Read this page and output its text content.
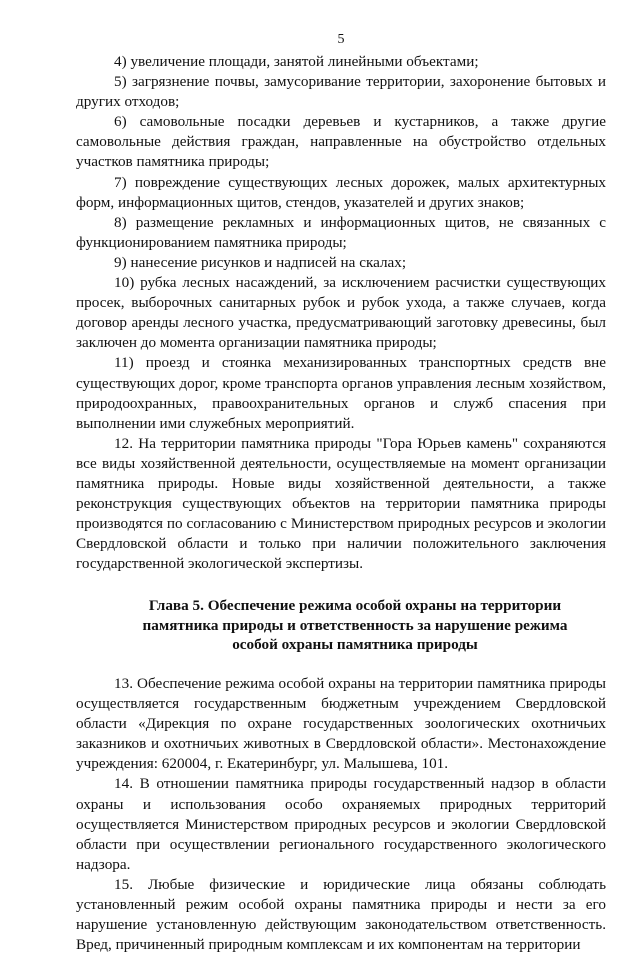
5

4) увеличение площади, занятой линейными объектами;

5) загрязнение почвы, замусоривание территории, захоронение бытовых и других отходов;

6) самовольные посадки деревьев и кустарников, а также другие самовольные действия граждан, направленные на обустройство отдельных участков памятника природы;

7) повреждение существующих лесных дорожек, малых архитектурных форм, информационных щитов, стендов, указателей и других знаков;

8) размещение рекламных и информационных щитов, не связанных с функционированием памятника природы;

9) нанесение рисунков и надписей на скалах;

10) рубка лесных насаждений, за исключением расчистки существующих просек, выборочных санитарных рубок и рубок ухода, а также случаев, когда договор аренды лесного участка, предусматривающий заготовку древесины, был заключен до момента организации памятника природы;

11) проезд и стоянка механизированных транспортных средств вне существующих дорог, кроме транспорта органов управления лесным хозяйством, природоохранных, правоохранительных органов и служб спасения при выполнении ими служебных мероприятий.

12. На территории памятника природы "Гора Юрьев камень" сохраняются все виды хозяйственной деятельности, осуществляемые на момент организации памятника природы. Новые виды хозяйственной деятельности, а также реконструкция существующих объектов на территории памятника природы производятся по согласованию с Министерством природных ресурсов и экологии Свердловской области и только при наличии положительного заключения государственной экологической экспертизы.

Глава 5. Обеспечение режима особой охраны на территории
памятника природы и ответственность за нарушение режима
особой охраны памятника природы

13. Обеспечение режима особой охраны на территории памятника природы осуществляется государственным бюджетным учреждением Свердловской области «Дирекция по охране государственных зоологических охотничьих заказников и охотничьих животных в Свердловской области». Местонахождение учреждения: 620004, г. Екатеринбург, ул. Малышева, 101.

14. В отношении памятника природы государственный надзор в области охраны и использования особо охраняемых природных территорий осуществляется Министерством природных ресурсов и экологии Свердловской области при осуществлении регионального государственного экологического надзора.

15. Любые физические и юридические лица обязаны соблюдать установленный режим особой охраны памятника природы и нести за его нарушение установленную действующим законодательством ответственность. Вред, причиненный природным комплексам и их компонентам на территории
